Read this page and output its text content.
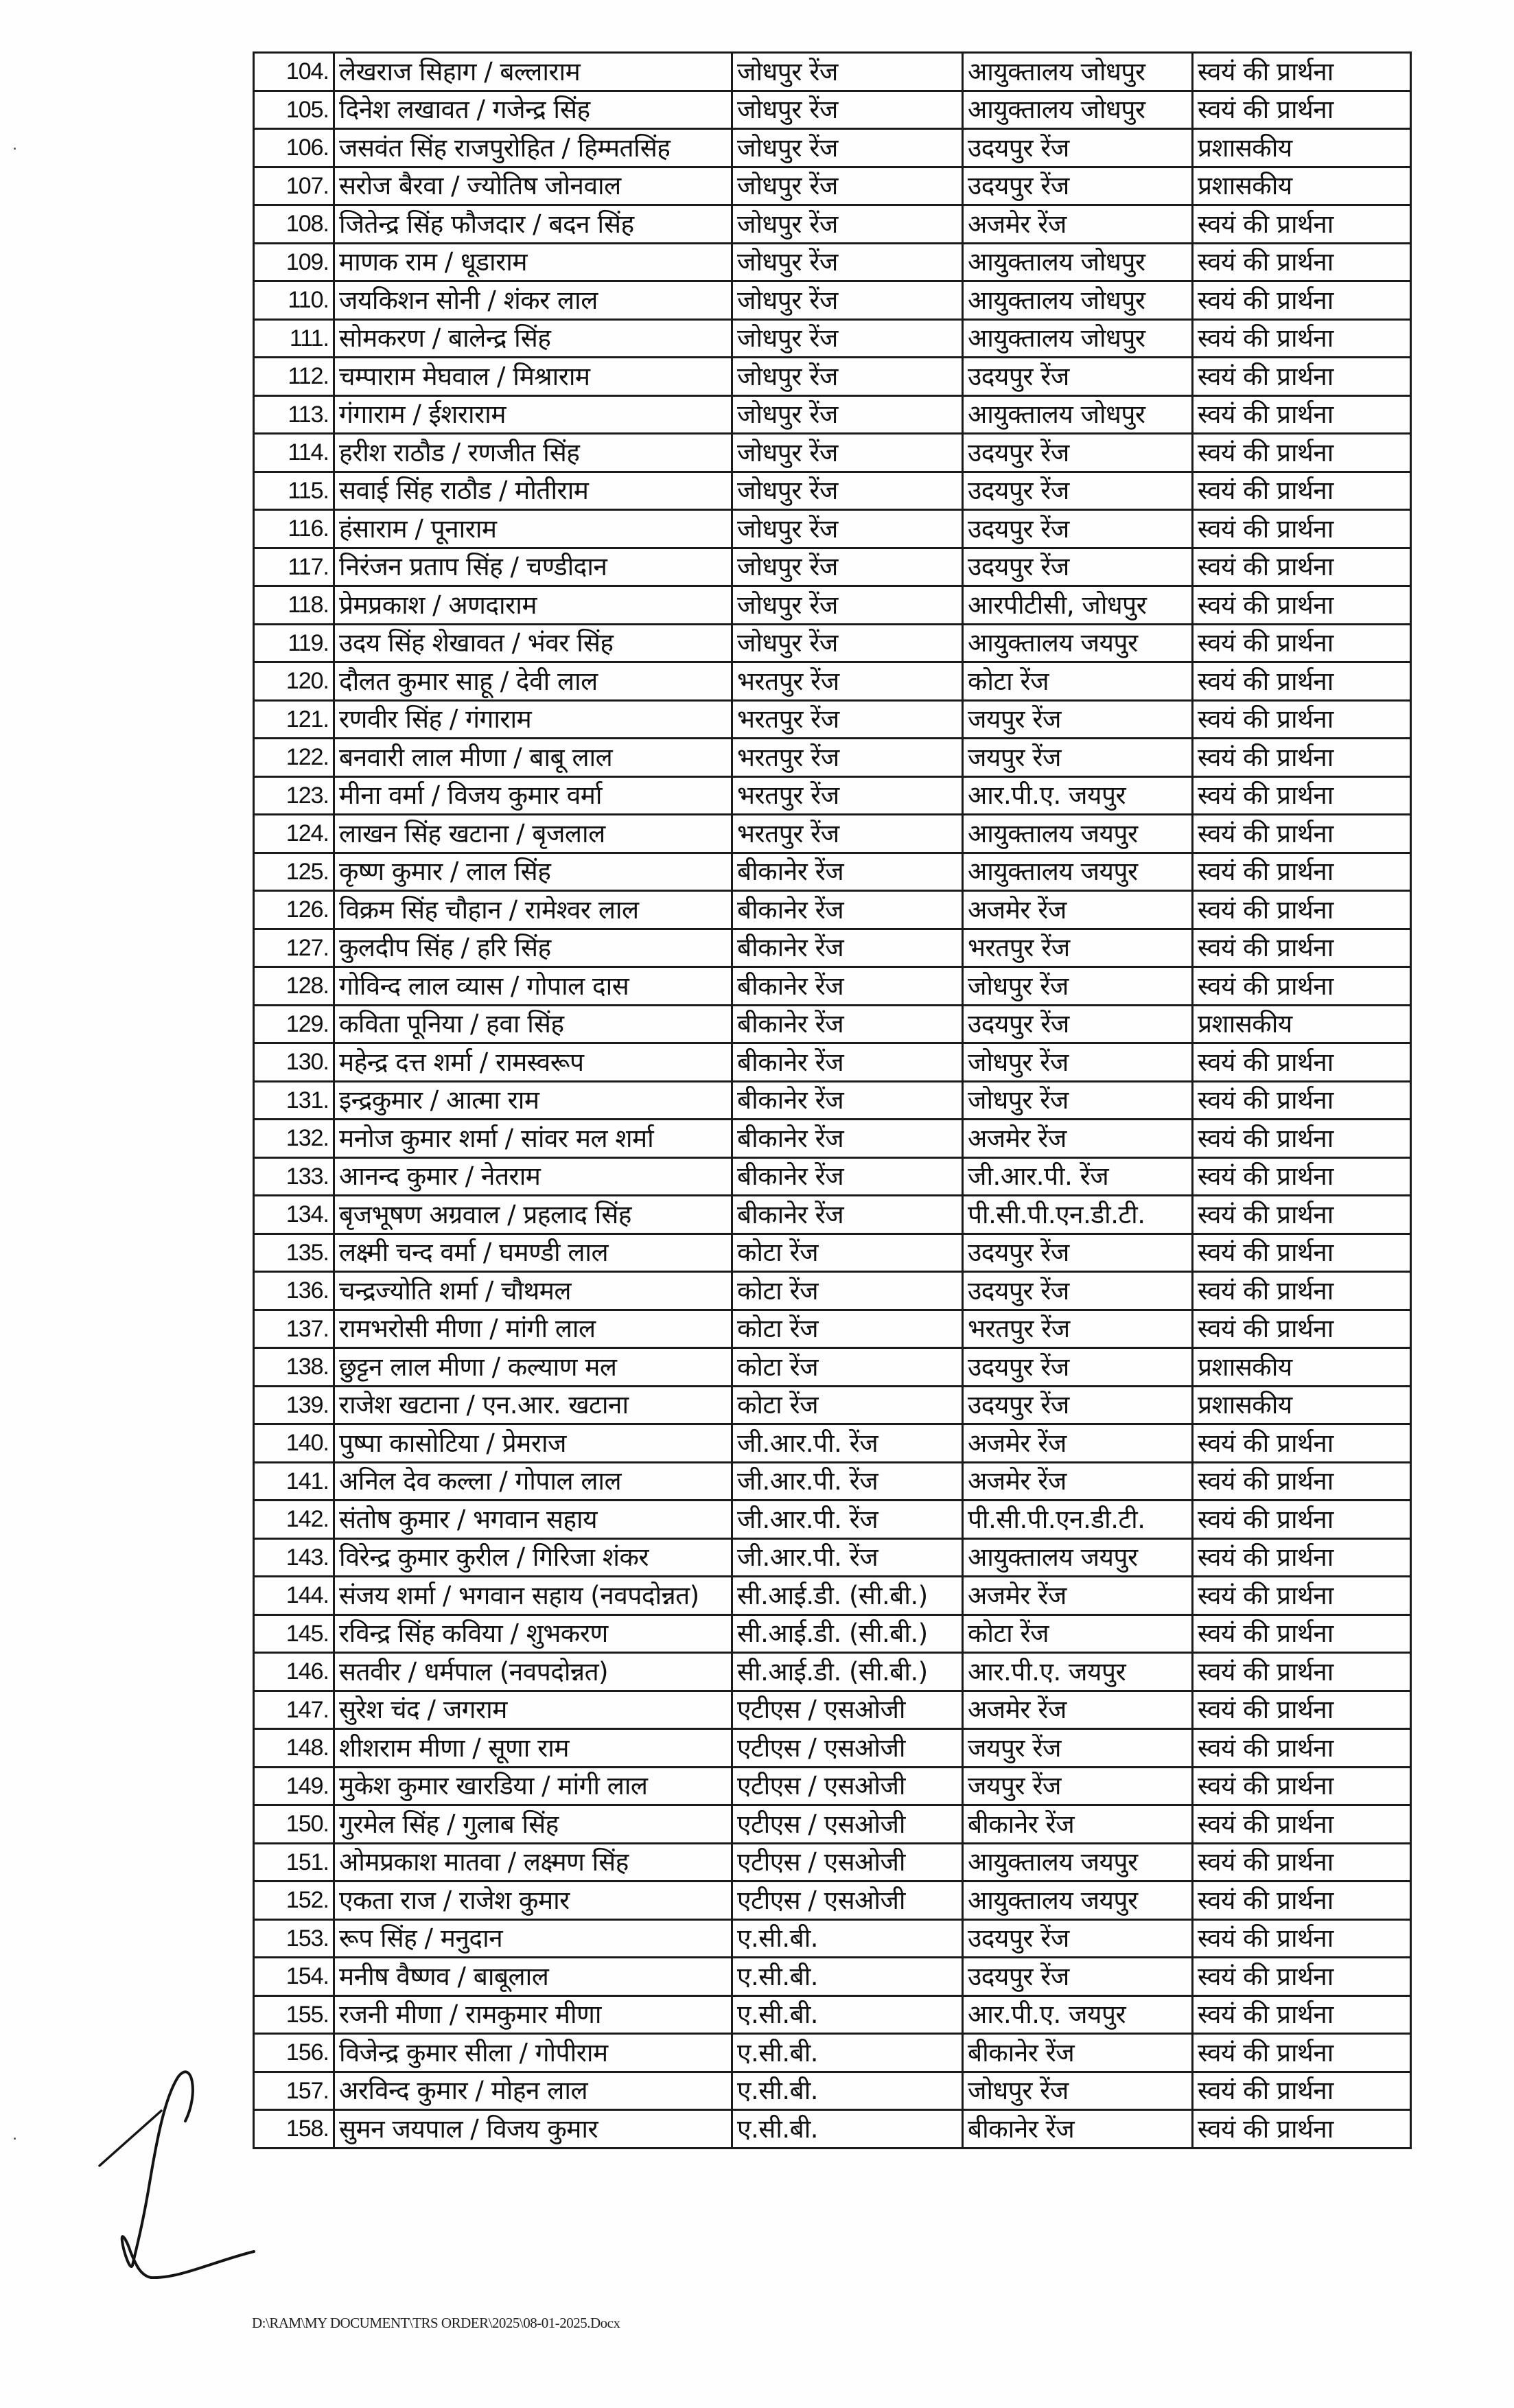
104.	लेखराज सिहाग / बल्लाराम	जोधपुर रेंज	आयुक्तालय जोधपुर	स्वयं की प्रार्थना
105.	दिनेश लखावत / गजेन्द्र सिंह	जोधपुर रेंज	आयुक्तालय जोधपुर	स्वयं की प्रार्थना
106.	जसवंत सिंह राजपुरोहित / हिम्मतसिंह	जोधपुर रेंज	उदयपुर रेंज	प्रशासकीय
107.	सरोज बैरवा / ज्योतिष जोनवाल	जोधपुर रेंज	उदयपुर रेंज	प्रशासकीय
108.	जितेन्द्र सिंह फौजदार / बदन सिंह	जोधपुर रेंज	अजमेर रेंज	स्वयं की प्रार्थना
109.	माणक राम / धूडाराम	जोधपुर रेंज	आयुक्तालय जोधपुर	स्वयं की प्रार्थना
110.	जयकिशन सोनी / शंकर लाल	जोधपुर रेंज	आयुक्तालय जोधपुर	स्वयं की प्रार्थना
111.	सोमकरण / बालेन्द्र सिंह	जोधपुर रेंज	आयुक्तालय जोधपुर	स्वयं की प्रार्थना
112.	चम्पाराम मेघवाल / मिश्राराम	जोधपुर रेंज	उदयपुर रेंज	स्वयं की प्रार्थना
113.	गंगाराम / ईशराराम	जोधपुर रेंज	आयुक्तालय जोधपुर	स्वयं की प्रार्थना
114.	हरीश राठौड / रणजीत सिंह	जोधपुर रेंज	उदयपुर रेंज	स्वयं की प्रार्थना
115.	सवाई सिंह राठौड / मोतीराम	जोधपुर रेंज	उदयपुर रेंज	स्वयं की प्रार्थना
116.	हंसाराम / पूनाराम	जोधपुर रेंज	उदयपुर रेंज	स्वयं की प्रार्थना
117.	निरंजन प्रताप सिंह / चण्डीदान	जोधपुर रेंज	उदयपुर रेंज	स्वयं की प्रार्थना
118.	प्रेमप्रकाश / अणदाराम	जोधपुर रेंज	आरपीटीसी, जोधपुर	स्वयं की प्रार्थना
119.	उदय सिंह शेखावत / भंवर सिंह	जोधपुर रेंज	आयुक्तालय जयपुर	स्वयं की प्रार्थना
120.	दौलत कुमार साहू / देवी लाल	भरतपुर रेंज	कोटा रेंज	स्वयं की प्रार्थना
121.	रणवीर सिंह / गंगाराम	भरतपुर रेंज	जयपुर रेंज	स्वयं की प्रार्थना
122.	बनवारी लाल मीणा / बाबू लाल	भरतपुर रेंज	जयपुर रेंज	स्वयं की प्रार्थना
123.	मीना वर्मा / विजय कुमार वर्मा	भरतपुर रेंज	आर.पी.ए. जयपुर	स्वयं की प्रार्थना
124.	लाखन सिंह खटाना / बृजलाल	भरतपुर रेंज	आयुक्तालय जयपुर	स्वयं की प्रार्थना
125.	कृष्ण कुमार / लाल सिंह	बीकानेर रेंज	आयुक्तालय जयपुर	स्वयं की प्रार्थना
126.	विक्रम सिंह चौहान / रामेश्वर लाल	बीकानेर रेंज	अजमेर रेंज	स्वयं की प्रार्थना
127.	कुलदीप सिंह / हरि सिंह	बीकानेर रेंज	भरतपुर रेंज	स्वयं की प्रार्थना
128.	गोविन्द लाल व्यास / गोपाल दास	बीकानेर रेंज	जोधपुर रेंज	स्वयं की प्रार्थना
129.	कविता पूनिया / हवा सिंह	बीकानेर रेंज	उदयपुर रेंज	प्रशासकीय
130.	महेन्द्र दत्त शर्मा / रामस्वरूप	बीकानेर रेंज	जोधपुर रेंज	स्वयं की प्रार्थना
131.	इन्द्रकुमार / आत्मा राम	बीकानेर रेंज	जोधपुर रेंज	स्वयं की प्रार्थना
132.	मनोज कुमार शर्मा / सांवर मल शर्मा	बीकानेर रेंज	अजमेर रेंज	स्वयं की प्रार्थना
133.	आनन्द कुमार / नेतराम	बीकानेर रेंज	जी.आर.पी. रेंज	स्वयं की प्रार्थना
134.	बृजभूषण अग्रवाल / प्रहलाद सिंह	बीकानेर रेंज	पी.सी.पी.एन.डी.टी.	स्वयं की प्रार्थना
135.	लक्ष्मी चन्द वर्मा / घमण्डी लाल	कोटा रेंज	उदयपुर रेंज	स्वयं की प्रार्थना
136.	चन्द्रज्योति शर्मा / चौथमल	कोटा रेंज	उदयपुर रेंज	स्वयं की प्रार्थना
137.	रामभरोसी मीणा / मांगी लाल	कोटा रेंज	भरतपुर रेंज	स्वयं की प्रार्थना
138.	छुट्टन लाल मीणा / कल्याण मल	कोटा रेंज	उदयपुर रेंज	प्रशासकीय
139.	राजेश खटाना / एन.आर. खटाना	कोटा रेंज	उदयपुर रेंज	प्रशासकीय
140.	पुष्पा कासोटिया / प्रेमराज	जी.आर.पी. रेंज	अजमेर रेंज	स्वयं की प्रार्थना
141.	अनिल देव कल्ला / गोपाल लाल	जी.आर.पी. रेंज	अजमेर रेंज	स्वयं की प्रार्थना
142.	संतोष कुमार / भगवान सहाय	जी.आर.पी. रेंज	पी.सी.पी.एन.डी.टी.	स्वयं की प्रार्थना
143.	विरेन्द्र कुमार कुरील / गिरिजा शंकर	जी.आर.पी. रेंज	आयुक्तालय जयपुर	स्वयं की प्रार्थना
144.	संजय शर्मा / भगवान सहाय (नवपदोन्नत)	सी.आई.डी. (सी.बी.)	अजमेर रेंज	स्वयं की प्रार्थना
145.	रविन्द्र सिंह कविया / शुभकरण	सी.आई.डी. (सी.बी.)	कोटा रेंज	स्वयं की प्रार्थना
146.	सतवीर / धर्मपाल (नवपदोन्नत)	सी.आई.डी. (सी.बी.)	आर.पी.ए. जयपुर	स्वयं की प्रार्थना
147.	सुरेश चंद / जगराम	एटीएस / एसओजी	अजमेर रेंज	स्वयं की प्रार्थना
148.	शीशराम मीणा / सूणा राम	एटीएस / एसओजी	जयपुर रेंज	स्वयं की प्रार्थना
149.	मुकेश कुमार खारडिया / मांगी लाल	एटीएस / एसओजी	जयपुर रेंज	स्वयं की प्रार्थना
150.	गुरमेल सिंह / गुलाब सिंह	एटीएस / एसओजी	बीकानेर रेंज	स्वयं की प्रार्थना
151.	ओमप्रकाश मातवा / लक्ष्मण सिंह	एटीएस / एसओजी	आयुक्तालय जयपुर	स्वयं की प्रार्थना
152.	एकता राज / राजेश कुमार	एटीएस / एसओजी	आयुक्तालय जयपुर	स्वयं की प्रार्थना
153.	रूप सिंह / मनुदान	ए.सी.बी.	उदयपुर रेंज	स्वयं की प्रार्थना
154.	मनीष वैष्णव / बाबूलाल	ए.सी.बी.	उदयपुर रेंज	स्वयं की प्रार्थना
155.	रजनी मीणा / रामकुमार मीणा	ए.सी.बी.	आर.पी.ए. जयपुर	स्वयं की प्रार्थना
156.	विजेन्द्र कुमार सीला / गोपीराम	ए.सी.बी.	बीकानेर रेंज	स्वयं की प्रार्थना
157.	अरविन्द कुमार / मोहन लाल	ए.सी.बी.	जोधपुर रेंज	स्वयं की प्रार्थना
158.	सुमन जयपाल / विजय कुमार	ए.सी.बी.	बीकानेर रेंज	स्वयं की प्रार्थना
D:\RAM\MY DOCUMENT\TRS ORDER\2025\08-01-2025.Docx
